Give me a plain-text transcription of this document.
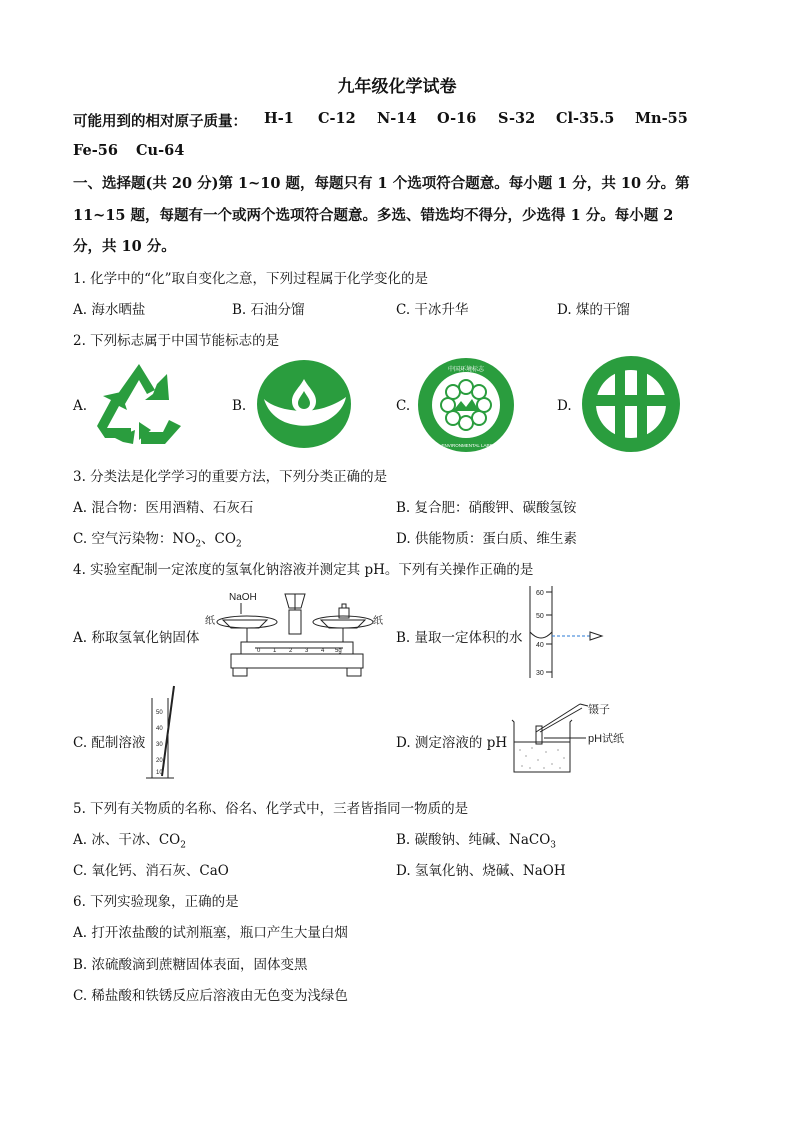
九年级化学试卷
可能用到的相对原子质量： H-1 C-12 N-14 O-16 S-32 Cl-35.5 Mn-55
Fe-56 Cu-64
一、选择题(共 20 分)第 1~10 题，每题只有 1 个选项符合题意。每小题 1 分，共 10 分。第
11~15 题，每题有一个或两个选项符合题意。多选、错选均不得分，少选得 1 分。每小题 2
分，共 10 分。
1. 化学中的“化”取自变化之意，下列过程属于化学变化的是
A. 海水晒盐	B. 石油分馏	C. 干冰升华	D. 煤的干馏
2. 下列标志属于中国节能标志的是
A.	B.	C.	D.
中国环境标志
CHINA ENVIRONMENTAL LABELLING
3. 分类法是化学学习的重要方法，下列分类正确的是
A. 混合物：医用酒精、石灰石	B. 复合肥：硝酸钾、碳酸氢铵
C. 空气污染物：$NO_2$、$CO_2$	D. 供能物质：蛋白质、维生素
4. 实验室配制一定浓度的氢氧化钠溶液并测定其 pH。下列有关操作正确的是
A. 称取氢氧化钠固体	B. 量取一定体积的水
C. 配制溶液	D. 测定溶液的 pH
NaOH
纸	纸
0 1 2 3 4 5g
60
50
40
30
50
40
30
20
10
镊子
pH试纸
5. 下列有关物质的名称、俗名、化学式中，三者皆指同一物质的是
A. 冰、干冰、$CO_2$	B. 碳酸钠、纯碱、NaCO$_3$
C. 氧化钙、消石灰、CaO	D. 氢氧化钠、烧碱、NaOH
6. 下列实验现象，正确的是
A. 打开浓盐酸的试剂瓶塞，瓶口产生大量白烟
B. 浓硫酸滴到蔗糖固体表面，固体变黑
C. 稀盐酸和铁锈反应后溶液由无色变为浅绿色
